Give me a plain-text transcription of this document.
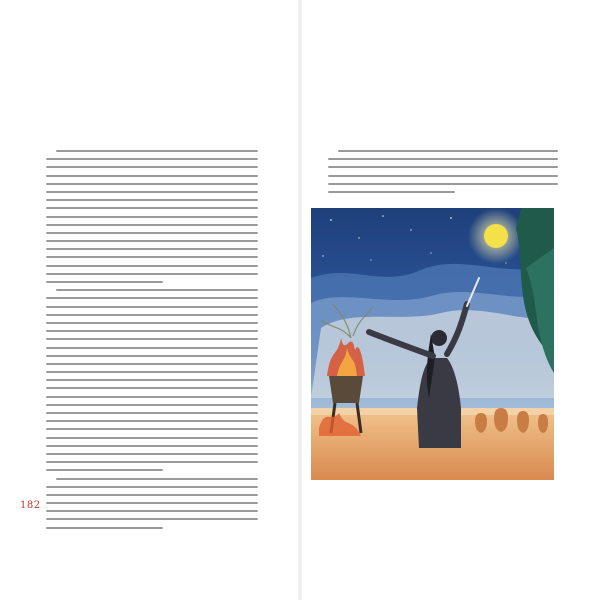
182
